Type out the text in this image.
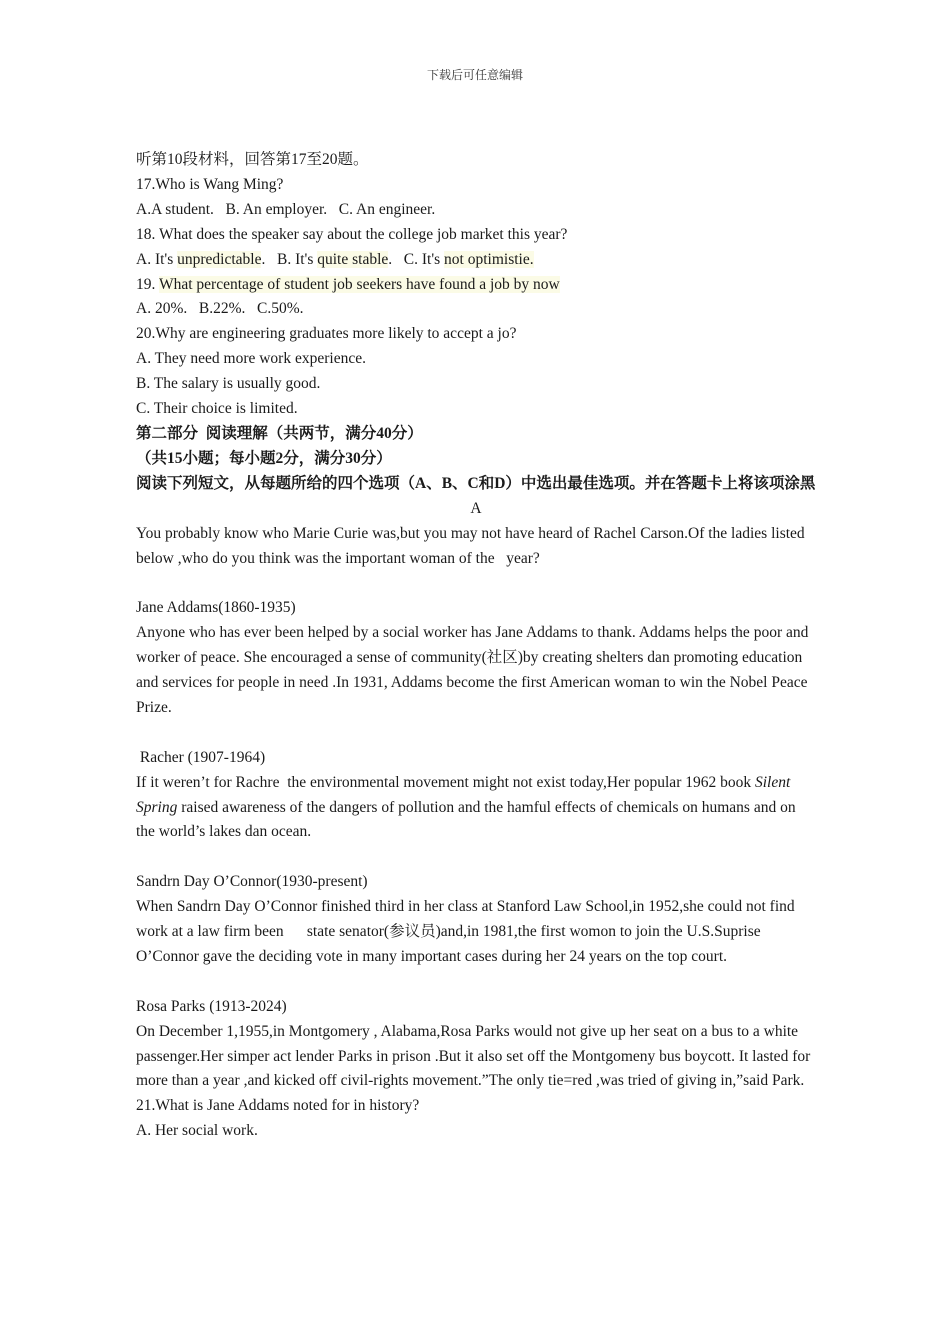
下载后可任意编辑
听第10段材料，回答第17至20题。
17.Who is Wang Ming?
A.A student.   B. An employer.   C. An engineer.
18. What does the speaker say about the college job market this year?
A. It's unpredictable.   B. It's quite stable.   C. It's not optimistie.
19. What percentage of student job seekers have found a job by now
A. 20%.   B.22%.   C.50%.
20.Why are engineering graduates more likely to accept a jo?
A. They need more work experience.
B. The salary is usually good.
C. Their choice is limited.
第二部分  阅读理解（共两节，满分40分）
（共15小题；每小题2分，满分30分）
阅读下列短文，从每题所给的四个选项（A、B、C和D）中选出最佳选项。并在答题卡上将该项涂黑
A
You probably know who Marie Curie was,but you may not have heard of Rachel Carson.Of the ladies listed below ,who do you think was the important woman of the   year?
Jane Addams(1860-1935)
Anyone who has ever been helped by a social worker has Jane Addams to thank. Addams helps the poor and worker of peace. She encouraged a sense of community(社区)by creating shelters dan promoting education and services for people in need .In 1931, Addams become the first American woman to win the Nobel Peace Prize.
Racher (1907-1964)
If it weren’t for Rachre  the environmental movement might not exist today,Her popular 1962 book Silent Spring raised awareness of the dangers of pollution and the hamful effects of chemicals on humans and on the world’s lakes dan ocean.
Sandrn Day O’Connor(1930-present)
When Sandrn Day O’Connor finished third in her class at Stanford Law School,in 1952,she could not find work at a law firm been      state senator(参议员)and,in 1981,the first womon to join the U.S.Suprise    O’Connor gave the deciding vote in many important cases during her 24 years on the top court.
Rosa Parks (1913-2024)
On December 1,1955,in Montgomery , Alabama,Rosa Parks would not give up her seat on a bus to a white passenger.Her simper act lender Parks in prison .But it also set off the Montgomeny bus boycott. It lasted for more than a year ,and kicked off civil-rights movement.”The only tie=red ,was tried of giving in,”said Park.
21.What is Jane Addams noted for in history?
A. Her social work.
